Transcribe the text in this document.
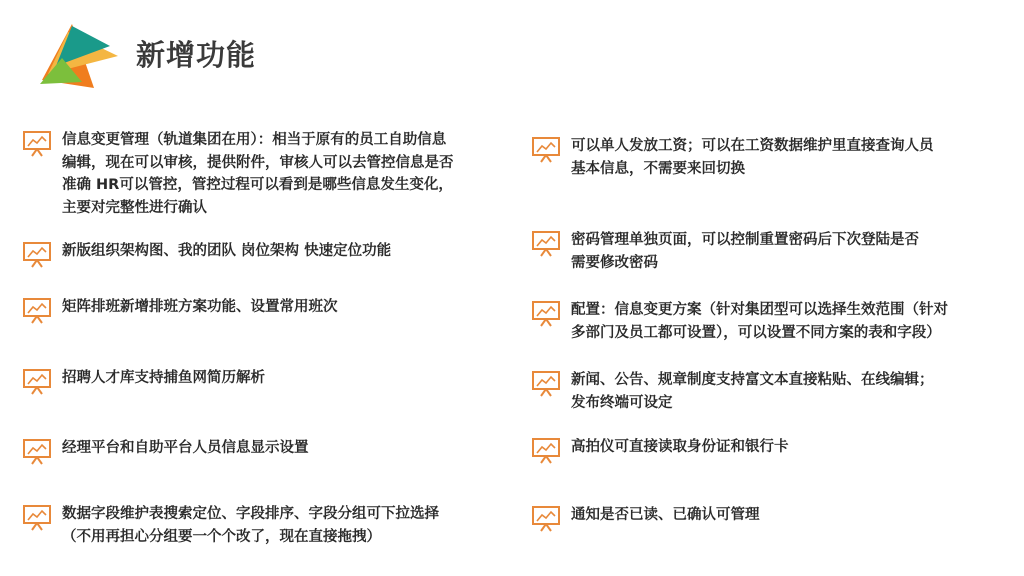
新增功能
信息变更管理（轨道集团在用）：相当于原有的员工自助信息
编辑，现在可以审核，提供附件，审核人可以去管控信息是否
准确 HR可以管控，管控过程可以看到是哪些信息发生变化，
主要对完整性进行确认
新版组织架构图、我的团队 岗位架构 快速定位功能
矩阵排班新增排班方案功能、设置常用班次
招聘人才库支持捕鱼网简历解析
经理平台和自助平台人员信息显示设置
数据字段维护表搜索定位、字段排序、字段分组可下拉选择
（不用再担心分组要一个个改了，现在直接拖拽）
可以单人发放工资；可以在工资数据维护里直接查询人员
基本信息，不需要来回切换
密码管理单独页面，可以控制重置密码后下次登陆是否
需要修改密码
配置：信息变更方案（针对集团型可以选择生效范围（针对
多部门及员工都可设置），可以设置不同方案的表和字段）
新闻、公告、规章制度支持富文本直接粘贴、在线编辑；
发布终端可设定
高拍仪可直接读取身份证和银行卡
通知是否已读、已确认可管理
